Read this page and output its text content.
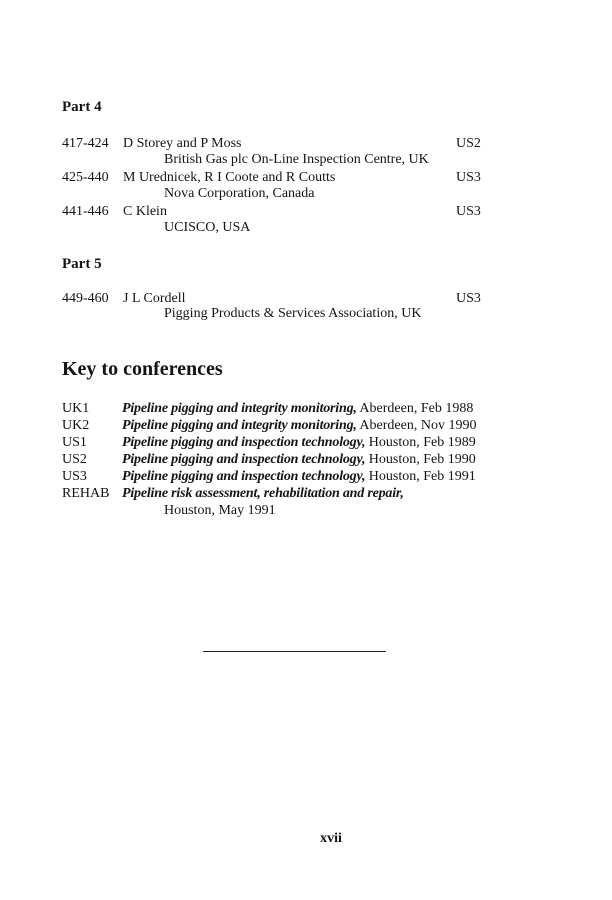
Part 4
417-424 D Storey and P Moss	US2
British Gas plc On-Line Inspection Centre, UK
425-440 M Urednicek, R I Coote and R Coutts	US3
Nova Corporation, Canada
441-446 C Klein	US3
UCISCO, USA
Part 5
449-460 J L Cordell	US3
Pigging Products & Services Association, UK
Key to conferences
UK1 Pipeline pigging and integrity monitoring, Aberdeen, Feb 1988
UK2 Pipeline pigging and integrity monitoring, Aberdeen, Nov 1990
US1	Pipeline pigging and inspection technology, Houston, Feb 1989
US2	Pipeline pigging and inspection technology, Houston, Feb 1990
US3	Pipeline pigging and inspection technology, Houston, Feb 1991
REHAB Pipeline risk assessment, rehabilitation and repair,
Houston, May 1991
xvii
